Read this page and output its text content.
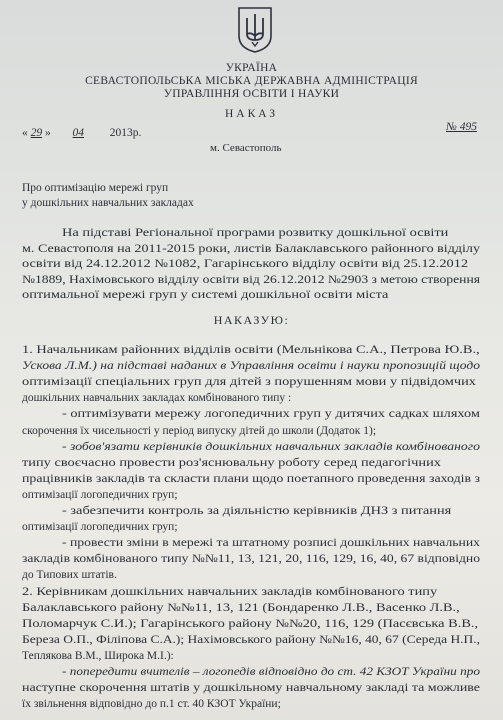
УКРАЇНА
СЕВАСТОПОЛЬСЬКА МІСЬКА ДЕРЖАВНА АДМІНІСТРАЦІЯ
УПРАВЛІННЯ ОСВІТИ І НАУКИ
НАКАЗ
« 29 » 04 2013р.	№ 495
м. Севастополь
Про оптимізацію мережі груп
у дошкільних навчальних закладах
На підставі Регіональної програми розвитку дошкільної освіти
м. Севастополя на 2011-2015 роки, листів Балаклавського районного відділу
освіти від 24.12.2012 №1082, Гагарінського відділу освіти від 25.12.2012
№1889, Нахімовського відділу освіти від 26.12.2012 №2903 з метою створення
оптимальної мережі груп у системі дошкільної освіти міста
НАКАЗУЮ:
1. Начальникам районних відділів освіти (Мельнікова С.А., Петрова Ю.В.,
Ускова Л.М.) на підставі наданих в Управління освіти і науки пропозицій щодо
оптимізації спеціальних груп для дітей з порушенням мови у підвідомчих
дошкільних навчальних закладах комбінованого типу :
- оптимізувати мережу логопедичних груп у дитячих садках шляхом
скорочення їх чисельності у період випуску дітей до школи (Додаток 1);
- зобов'язати керівників дошкільних навчальних закладів комбінованого
типу своєчасно провести роз'яснювальну роботу серед педагогічних
працівників закладів та скласти плани щодо поетапного проведення заходів з
оптимізації логопедичних груп;
- забезпечити контроль за діяльністю керівників ДНЗ з питання
оптимізації логопедичних груп;
- провести зміни в мережі та штатному розписі дошкільних навчальних
закладів комбінованого типу №№11, 13, 121, 20, 116, 129, 16, 40, 67 відповідно
до Типових штатів.
2. Керівникам дошкільних навчальних закладів комбінованого типу
Балаклавського району №№11, 13, 121 (Бондаренко Л.В., Васенко Л.В.,
Поломарчук С.И.); Гагарінського району №№20, 116, 129 (Пасєвська В.В.,
Береза О.П., Філіпова С.А.); Нахімовського району №№16, 40, 67 (Середа Н.П.,
Теплякова В.М., Широка М.І.):
- попередити вчителів – логопедів відповідно до ст. 42 КЗОТ України про
наступне скорочення штатів у дошкільному навчальному закладі та можливе
їх звільнення відповідно до п.1 ст. 40 КЗОТ України;
